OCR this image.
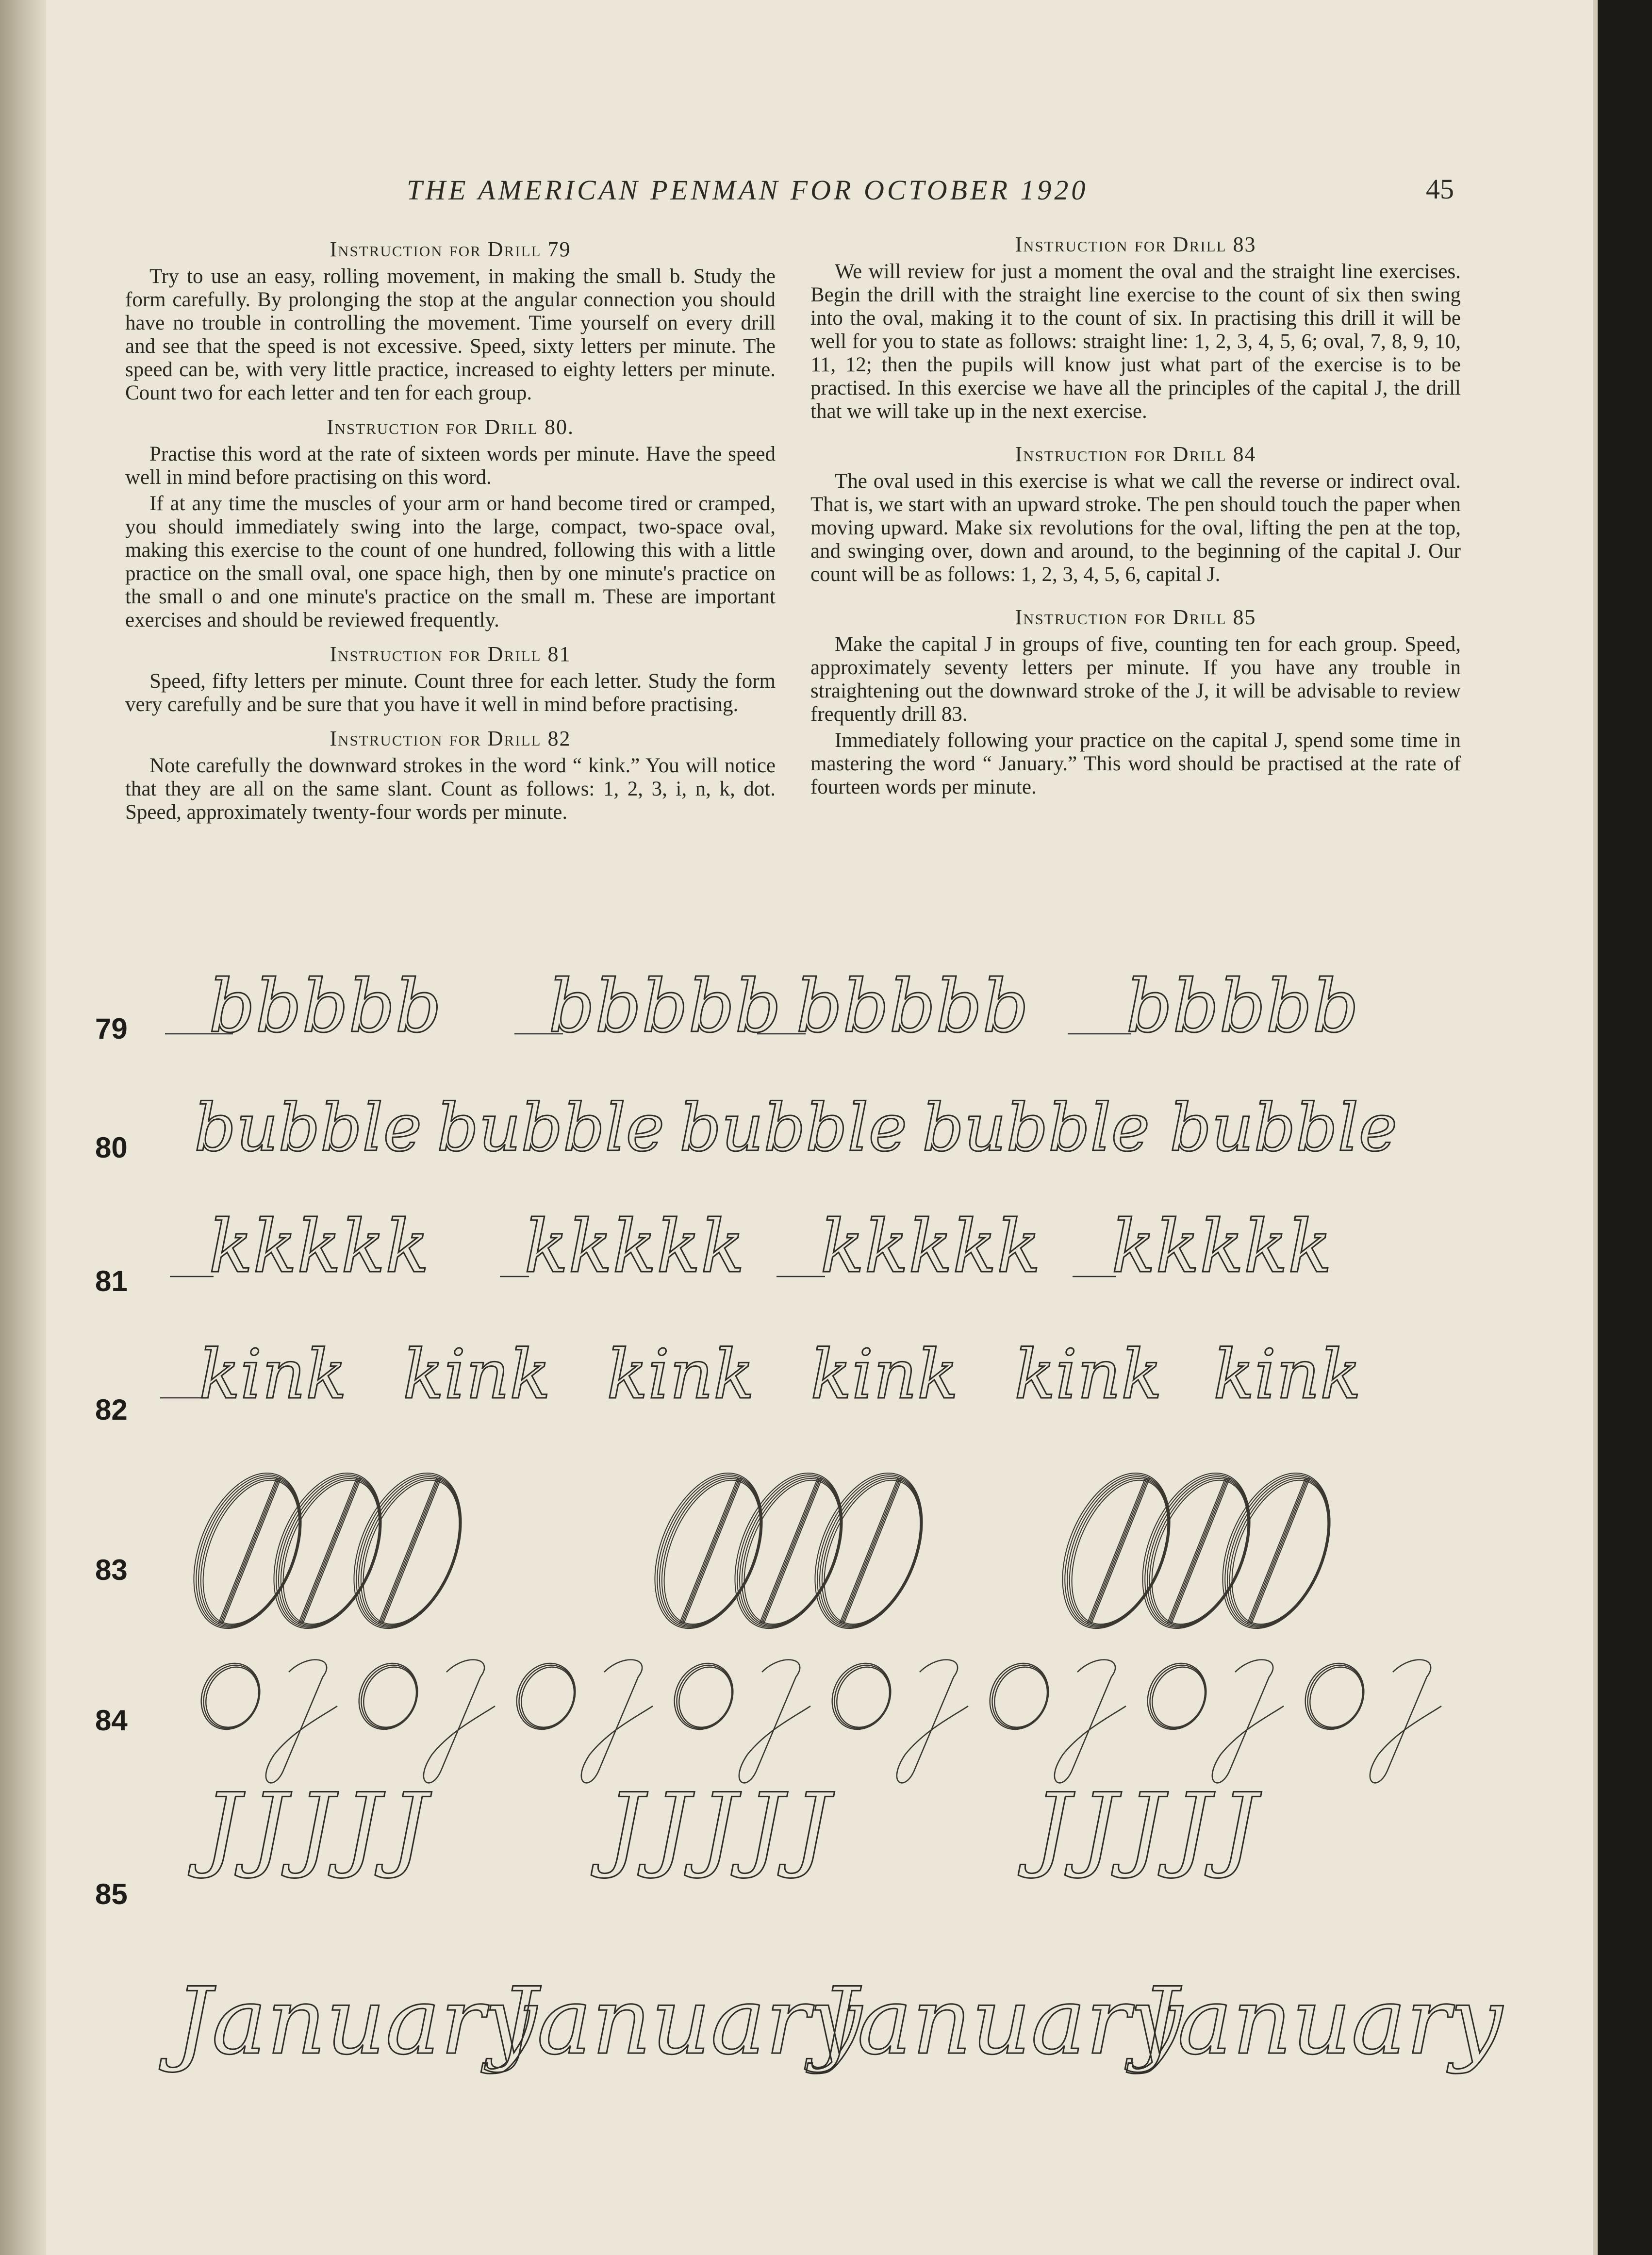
THE AMERICAN PENMAN FOR OCTOBER 1920	45
Instruction for Drill 79

Try to use an easy, rolling movement, in making the small b. Study the form carefully. By prolonging the stop at the angular connection you should have no trouble in controlling the movement. Time yourself on every drill and see that the speed is not excessive. Speed, sixty letters per minute. The speed can be, with very little practice, increased to eighty letters per minute. Count two for each letter and ten for each group.

Instruction for Drill 80.

Practise this word at the rate of sixteen words per minute. Have the speed well in mind before practising on this word.

If at any time the muscles of your arm or hand become tired or cramped, you should immediately swing into the large, compact, two-space oval, making this exercise to the count of one hundred, following this with a little practice on the small oval, one space high, then by one minute's practice on the small o and one minute's practice on the small m. These are important exercises and should be reviewed frequently.

Instruction for Drill 81

Speed, fifty letters per minute. Count three for each letter. Study the form very carefully and be sure that you have it well in mind before practising.

Instruction for Drill 82

Note carefully the downward strokes in the word “ kink.” You will notice that they are all on the same slant. Count as follows: 1, 2, 3, i, n, k, dot. Speed, approximately twenty-four words per minute.

Instruction for Drill 83

We will review for just a moment the oval and the straight line exercises. Begin the drill with the straight line exercise to the count of six then swing into the oval, making it to the count of six. In practising this drill it will be well for you to state as follows: straight line: 1, 2, 3, 4, 5, 6; oval, 7, 8, 9, 10, 11, 12; then the pupils will know just what part of the exercise is to be practised. In this exercise we have all the principles of the capital J, the drill that we will take up in the next exercise.

Instruction for Drill 84

The oval used in this exercise is what we call the reverse or indirect oval. That is, we start with an upward stroke. The pen should touch the paper when moving upward. Make six revolutions for the oval, lifting the pen at the top, and swinging over, down and around, to the beginning of the capital J. Our count will be as follows: 1, 2, 3, 4, 5, 6, capital J.

Instruction for Drill 85

Make the capital J in groups of five, counting ten for each group. Speed, approximately seventy letters per minute. If you have any trouble in straightening out the downward stroke of the J, it will be advisable to review frequently drill 83.

Immediately following your practice on the capital J, spend some time in mastering the word “ January.” This word should be practised at the rate of fourteen words per minute.

79
80
81
82
83
84
85
bbbbb bbbbb bbbbb bbbbb
bubble bubble bubble bubble bubble
kkkkk kkkkk kkkkk kkkkk
kink kink kink kink kink kink
JJJJJ JJJJJ JJJJJ
January
January
January
January
